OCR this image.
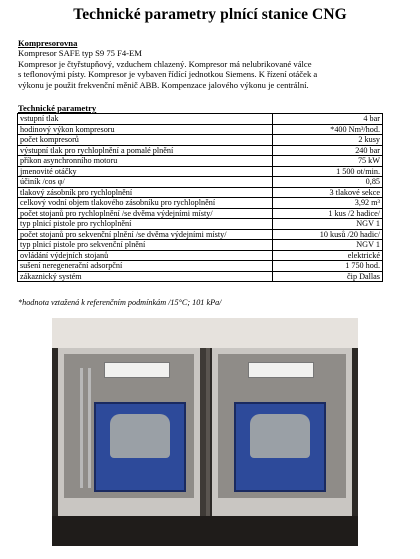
Technické parametry plnící stanice CNG
Kompresorovna
Kompresor SAFE typ S9 75 F4-EM
Kompresor je čtyřstupňový, vzduchem chlazený. Kompresor má nelubrikované válce
s teflonovými písty. Kompresor je vybaven řídící jednotkou Siemens. K řízení otáček a
výkonu je použit frekvenční měnič ABB. Kompenzace jalového výkonu je centrální.
Technické parametry
vstupní tlak	4 bar
hodinový výkon kompresoru	*400 Nm³/hod.
počet kompresorů	2 kusy
výstupní tlak pro rychloplnění a pomalé plnění	240 bar
příkon asynchronního motoru	75 kW
jmenovité otáčky	1 500 ot/min.
účiník /cos φ/	0,85
tlakový zásobník pro rychloplnění	3 tlakové sekce
celkový vodní objem tlakového zásobníku pro rychloplnění	3,92 m³
počet stojanů pro rychloplnění /se dvěma výdejními místy/	1 kus /2 hadice/
typ plnicí pistole pro rychloplnění	NGV 1
počet stojanů pro sekvenční plnění /se dvěma výdejními místy/	10 kusů /20 hadic/
typ plnicí pistole pro sekvenční plnění	NGV 1
ovládání výdejních stojanů	elektrické
sušení neregenerační adsorpční	1 750 hod.
zákaznický systém	čip Dallas
*hodnota vztažená k referenčním podmínkám /15°C; 101 kPa/
